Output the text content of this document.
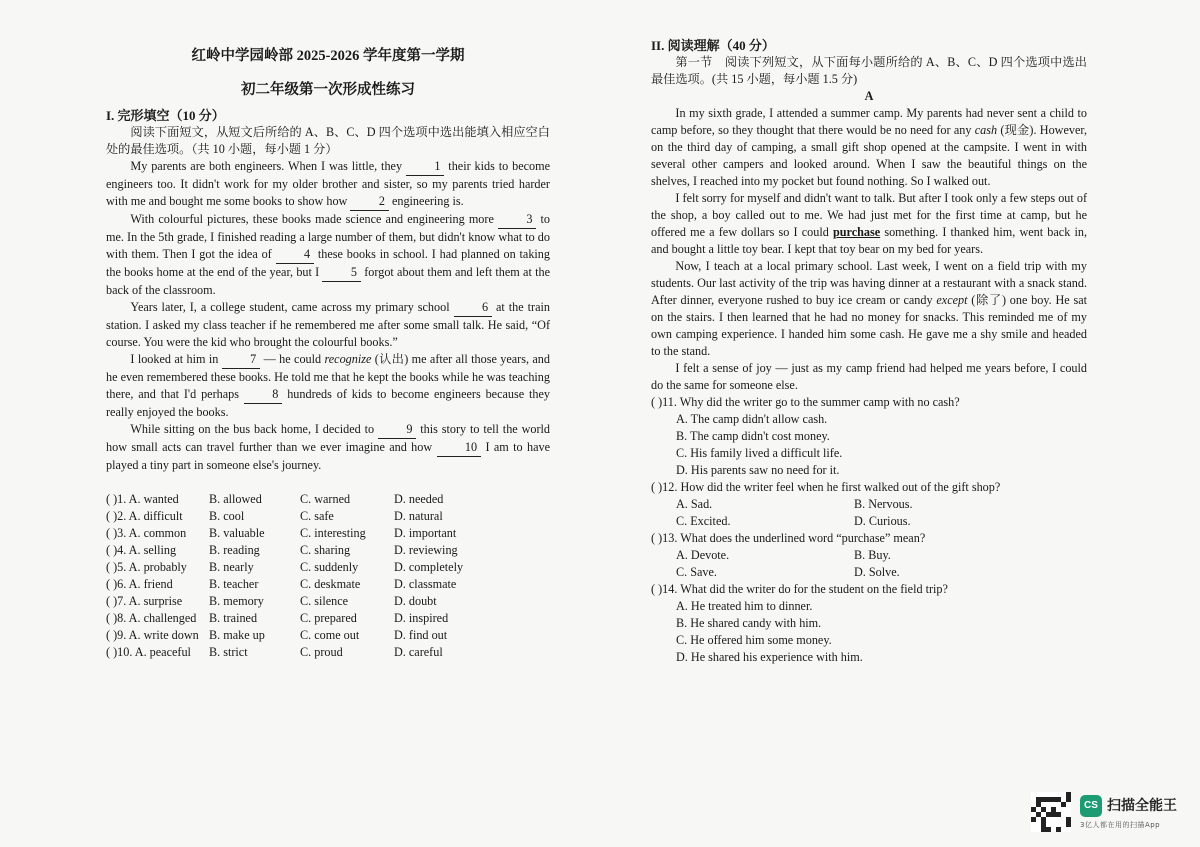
红岭中学园岭部 2025-2026 学年度第一学期
初二年级第一次形成性练习
I. 完形填空（10 分）

阅读下面短文，从短文后所给的 A、B、C、D 四个选项中选出能填入相应空白处的最佳选项。（共 10 小题，每小题 1 分）

My parents are both engineers. When I was little, they 1 their kids to become engineers too. It didn't work for my older brother and sister, so my parents tried harder with me and bought me some books to show how 2 engineering is.

With colourful pictures, these books made science and engineering more 3 to me. In the 5th grade, I finished reading a large number of them, but didn't know what to do with them. Then I got the idea of 4 these books in school. I had planned on taking the books home at the end of the year, but I 5 forgot about them and left them at the back of the classroom.

Years later, I, a college student, came across my primary school 6 at the train station. I asked my class teacher if he remembered me after some small talk. He said, “Of course. You were the kid who brought the colourful books.”

I looked at him in 7 — he could recognize (认出) me after all those years, and he even remembered these books. He told me that he kept the books while he was teaching there, and that I'd perhaps 8 hundreds of kids to become engineers because they really enjoyed the books.

While sitting on the bus back home, I decided to 9 this story to tell the world how small acts can travel further than we ever imagine and how 10 I am to have played a tiny part in someone else's journey.

( )1. A. wanted	B. allowed	C. warned	D. needed
( )2. A. difficult	B. cool	C. safe	D. natural
( )3. A. common	B. valuable	C. interesting	D. important
( )4. A. selling	B. reading	C. sharing	D. reviewing
( )5. A. probably	B. nearly	C. suddenly	D. completely
( )6. A. friend	B. teacher	C. deskmate	D. classmate
( )7. A. surprise	B. memory	C. silence	D. doubt
( )8. A. challenged	B. trained	C. prepared	D. inspired
( )9. A. write down B. make up	C. come out	D. find out
( )10. A. peaceful	B. strict	C. proud	D. careful
II. 阅读理解（40 分）

第一节　阅读下列短文，从下面每小题所给的 A、B、C、D 四个选项中选出最佳选项。(共 15 小题，每小题 1.5 分)

A

In my sixth grade, I attended a summer camp. My parents had never sent a child to camp before, so they thought that there would be no need for any cash (现金). However, on the third day of camping, a small gift shop opened at the campsite. I went in with several other campers and looked around. When I saw the beautiful things on the shelves, I reached into my pocket but found nothing. So I walked out.

I felt sorry for myself and didn't want to talk. But after I took only a few steps out of the shop, a boy called out to me. We had just met for the first time at camp, but he offered me a few dollars so I could purchase something. I thanked him, went back in, and bought a little toy bear. I kept that toy bear on my bed for years.

Now, I teach at a local primary school. Last week, I went on a field trip with my students. Our last activity of the trip was having dinner at a restaurant with a snack stand. After dinner, everyone rushed to buy ice cream or candy except (除了) one boy. He sat on the stairs. I then learned that he had no money for snacks. This reminded me of my own camping experience. I handed him some cash. He gave me a shy smile and headed to the stand.

I felt a sense of joy — just as my camp friend had helped me years before, I could do the same for someone else.

( )11. Why did the writer go to the summer camp with no cash?

A. The camp didn't allow cash.
B. The camp didn't cost money.
C. His family lived a difficult life.
D. His parents saw no need for it.

( )12. How did the writer feel when he first walked out of the gift shop?

A. Sad.	B. Nervous.
C. Excited.	D. Curious.

( )13. What does the underlined word “purchase” mean?

A. Devote.	B. Buy.
C. Save.	D. Solve.

( )14. What did the writer do for the student on the field trip?

A. He treated him to dinner.
B. He shared candy with him.
C. He offered him some money.
D. He shared his experience with him.
CS 扫描全能王
3亿人都在用的扫描App
